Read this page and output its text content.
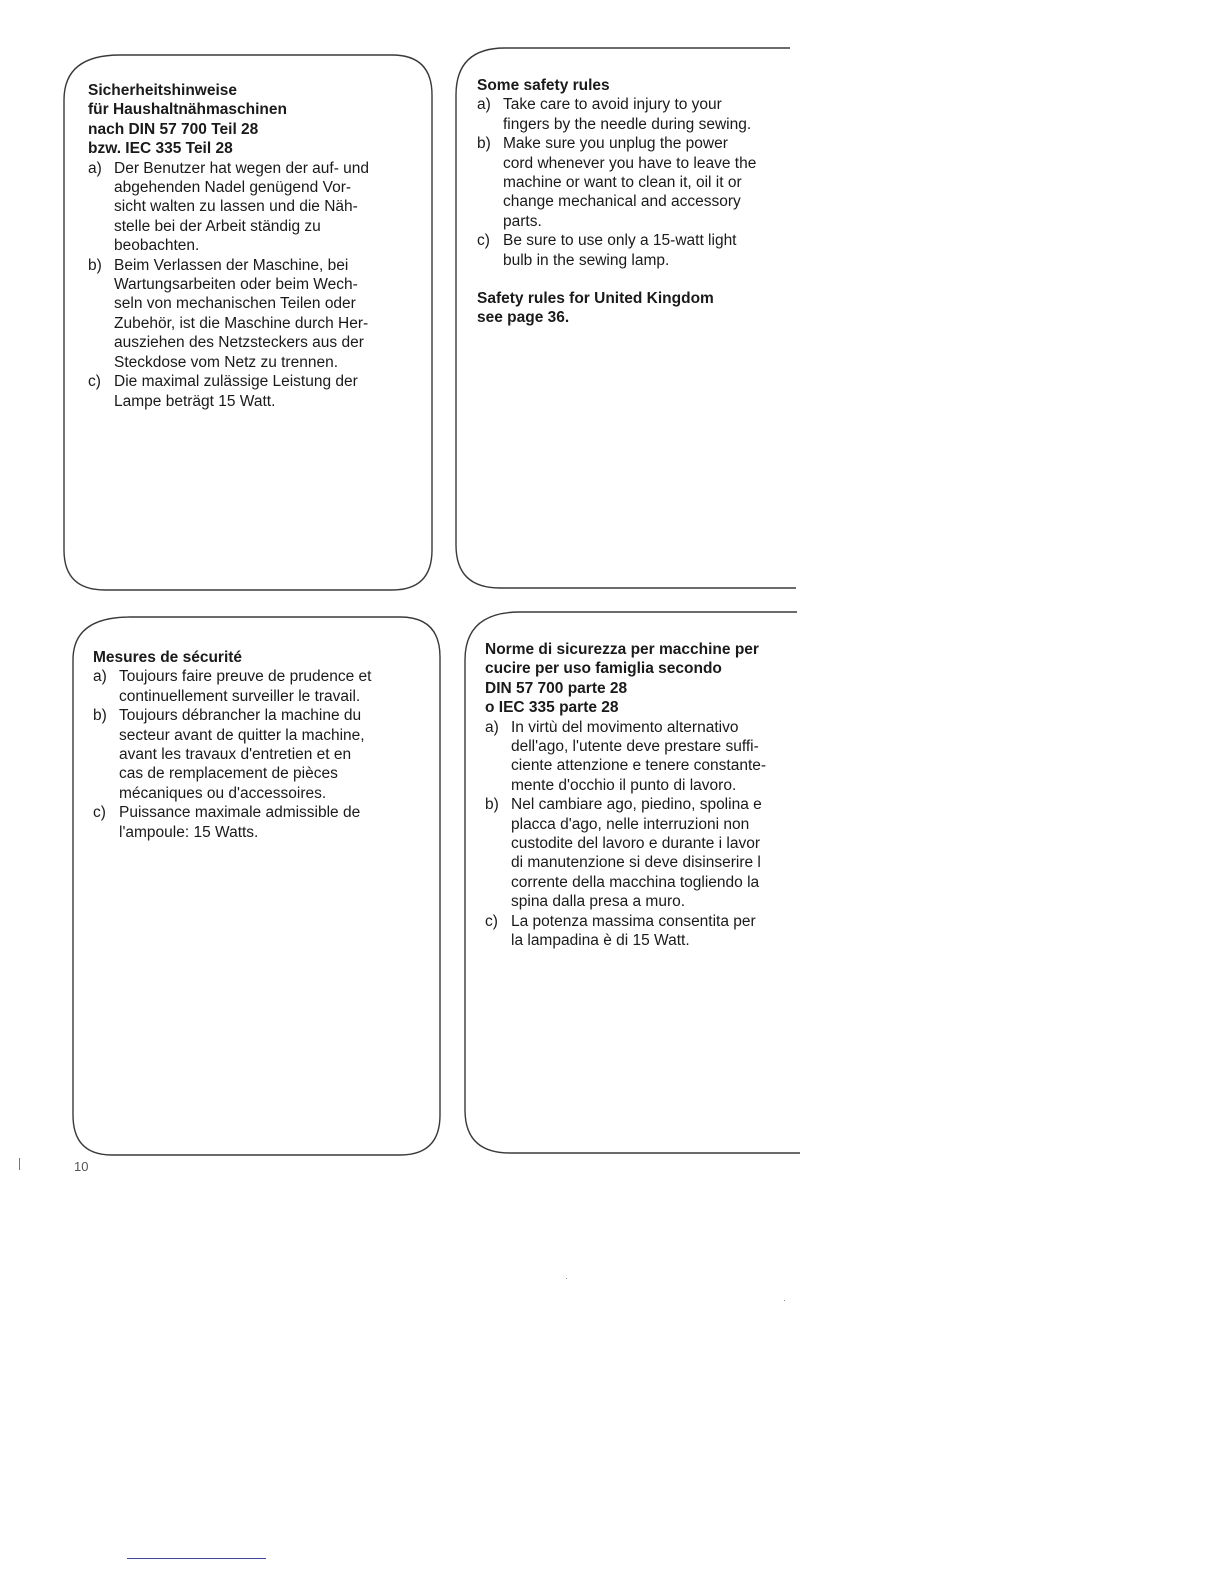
Sicherheitshinweise
für Haushaltnähmaschinen
nach DIN 57 700 Teil 28
bzw. IEC 335 Teil 28

a) Der Benutzer hat wegen der auf- und
abgehenden Nadel genügend Vor-
sicht walten zu lassen und die Näh-
stelle bei der Arbeit ständig zu
beobachten.
b) Beim Verlassen der Maschine, bei
Wartungsarbeiten oder beim Wech-
seln von mechanischen Teilen oder
Zubehör, ist die Maschine durch Her-
ausziehen des Netzsteckers aus der
Steckdose vom Netz zu trennen.
c) Die maximal zulässige Leistung der
Lampe beträgt 15 Watt.

Some safety rules

a) Take care to avoid injury to your
fingers by the needle during sewing.
b) Make sure you unplug the power
cord whenever you have to leave the
machine or want to clean it, oil it or
change mechanical and accessory
parts.
c) Be sure to use only a 15-watt light
bulb in the sewing lamp.

Safety rules for United Kingdom
see page 36.

Mesures de sécurité

a) Toujours faire preuve de prudence et
continuellement surveiller le travail.
b) Toujours débrancher la machine du
secteur avant de quitter la machine,
avant les travaux d'entretien et en
cas de remplacement de pièces
mécaniques ou d'accessoires.
c) Puissance maximale admissible de
l'ampoule: 15 Watts.

Norme di sicurezza per macchine per
cucire per uso famiglia secondo
DIN 57 700 parte 28
o IEC 335 parte 28

a) In virtù del movimento alternativo
dell'ago, l'utente deve prestare suffi-
ciente attenzione e tenere constante-
mente d'occhio il punto di lavoro.
b) Nel cambiare ago, piedino, spolina e
placca d'ago, nelle interruzioni non
custodite del lavoro e durante i lavor
di manutenzione si deve disinserire l
corrente della macchina togliendo la
spina dalla presa a muro.
c) La potenza massima consentita per
la lampadina è di 15 Watt.
10
